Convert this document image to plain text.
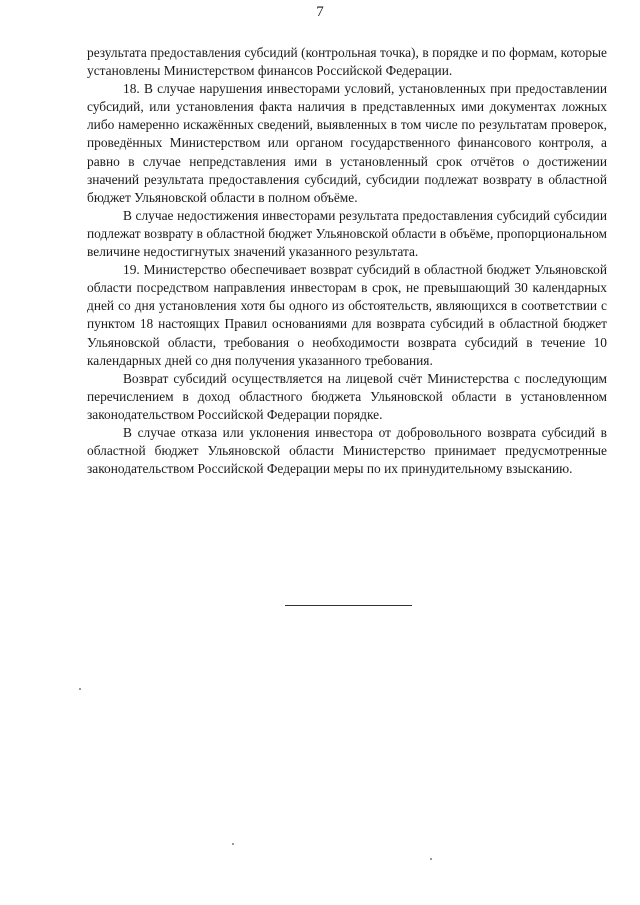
7

результата предоставления субсидий (контрольная точка), в порядке и по формам, которые установлены Министерством финансов Российской Федерации.

18. В случае нарушения инвесторами условий, установленных при предоставлении субсидий, или установления факта наличия в представленных ими документах ложных либо намеренно искажённых сведений, выявленных в том числе по результатам проверок, проведённых Министерством или органом государственного финансового контроля, а равно в случае непредставления ими в установленный срок отчётов о достижении значений результата предоставления субсидий, субсидии подлежат возврату в областной бюджет Ульяновской области в полном объёме.

В случае недостижения инвесторами результата предоставления субсидий субсидии подлежат возврату в областной бюджет Ульяновской области в объёме, пропорциональном величине недостигнутых значений указанного результата.

19. Министерство обеспечивает возврат субсидий в областной бюджет Ульяновской области посредством направления инвесторам в срок, не превышающий 30 календарных дней со дня установления хотя бы одного из обстоятельств, являющихся в соответствии с пунктом 18 настоящих Правил основаниями для возврата субсидий в областной бюджет Ульяновской области, требования о необходимости возврата субсидий в течение 10 календарных дней со дня получения указанного требования.

Возврат субсидий осуществляется на лицевой счёт Министерства с последующим перечислением в доход областного бюджета Ульяновской области в установленном законодательством Российской Федерации порядке.

В случае отказа или уклонения инвестора от добровольного возврата субсидий в областной бюджет Ульяновской области Министерство принимает предусмотренные законодательством Российской Федерации меры по их принудительному взысканию.
